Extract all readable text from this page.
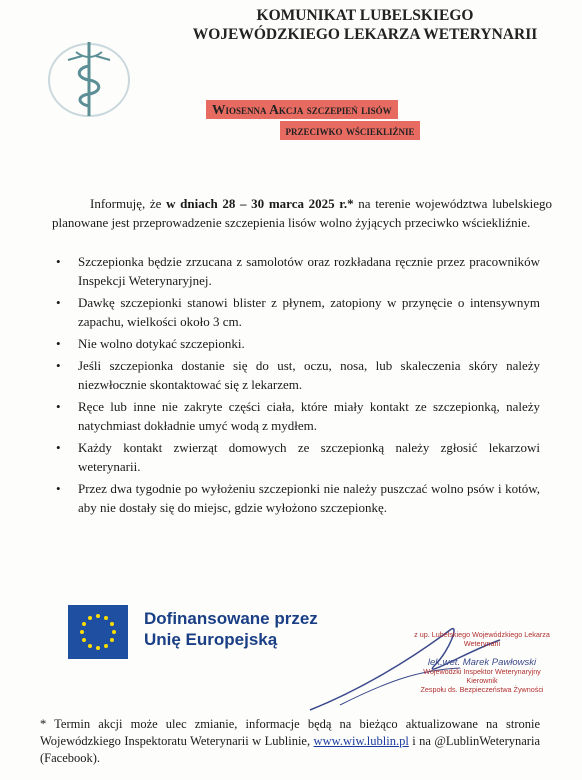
KOMUNIKAT LUBELSKIEGO
WOJEWÓDZKIEGO LEKARZA WETERYNARII
Wiosenna Akcja szczepień lisów
przeciwko wściekliźnie

Informuję, że w dniach 28 – 30 marca 2025 r.* na terenie województwa lubelskiego planowane jest przeprowadzenie szczepienia lisów wolno żyjących przeciwko wściekliźnie.

• Szczepionka będzie zrzucana z samolotów oraz rozkładana ręcznie przez pracowników Inspekcji Weterynaryjnej.
• Dawkę szczepionki stanowi blister z płynem, zatopiony w przynęcie o intensywnym zapachu, wielkości około 3 cm.
• Nie wolno dotykać szczepionki.
• Jeśli szczepionka dostanie się do ust, oczu, nosa, lub skaleczenia skóry należy niezwłocznie skontaktować się z lekarzem.
• Ręce lub inne nie zakryte części ciała, które miały kontakt ze szczepionką, należy natychmiast dokładnie umyć wodą z mydłem.
• Każdy kontakt zwierząt domowych ze szczepionką należy zgłosić lekarzowi weterynarii.
• Przez dwa tygodnie po wyłożeniu szczepionki nie należy puszczać wolno psów i kotów, aby nie dostały się do miejsc, gdzie wyłożono szczepionkę.
Dofinansowane przez
Unię Europejską	z up. Lubelskiego Wojewódzkiego Lekarza Weterynarii
lek.wet. Marek Pawłowski
Wojewódzki Inspektor Weterynaryjny
Kierownik
Zespołu ds. Bezpieczeństwa Żywności

* Termin akcji może ulec zmianie, informacje będą na bieżąco aktualizowane na stronie Wojewódzkiego Inspektoratu Weterynarii w Lublinie, www.wiw.lublin.pl i na @LublinWeterynaria (Facebook).
